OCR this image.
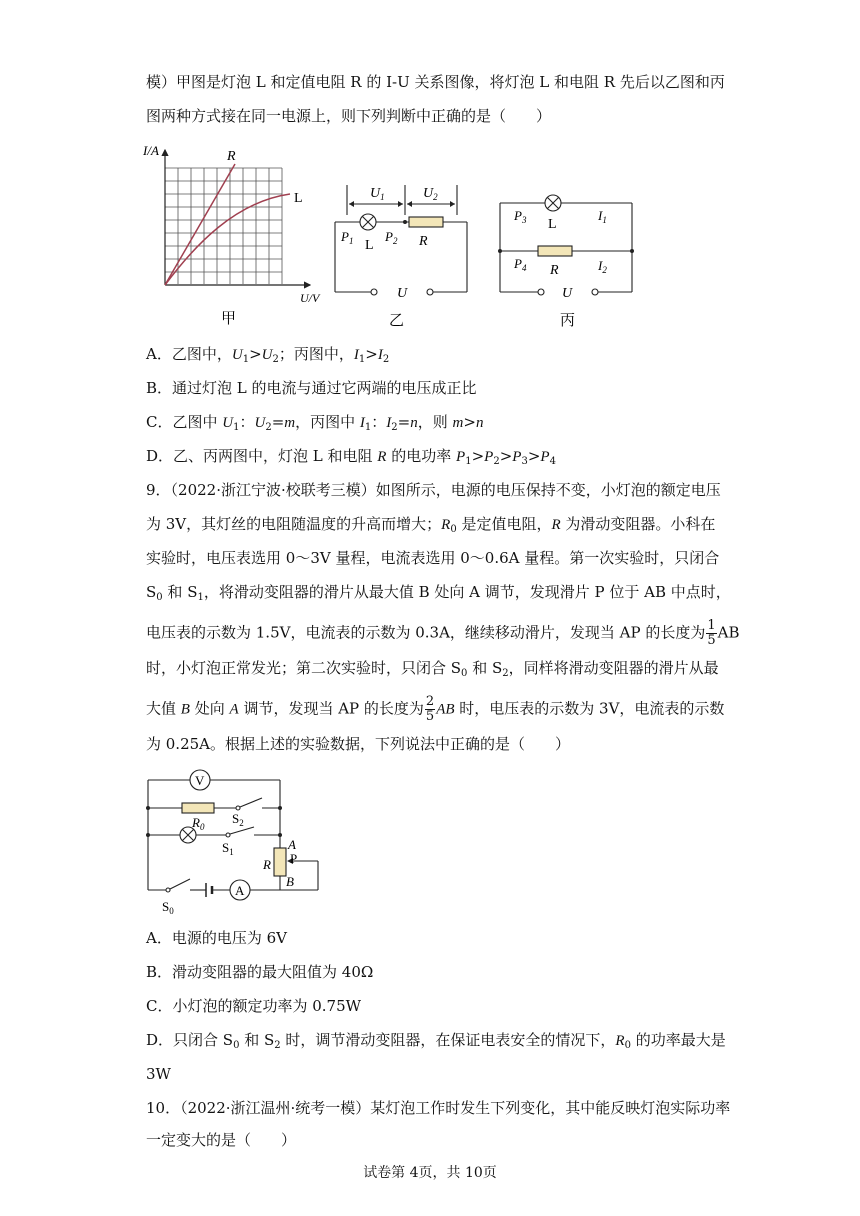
模）甲图是灯泡 L 和定值电阻 R 的 I-U 关系图像，将灯泡 L 和电阻 R 先后以乙图和丙
图两种方式接在同一电源上，则下列判断中正确的是（　　）
I/A
U/V
R
L
甲
$U_1$	$U_2$
$P_1$ $P_2$
L	R
U
乙
$P_3$	$I_1$
L
$P_4$ R	$I_2$
U
丙
A．乙图中，$U_1>U_2$；丙图中，$I_1>I_2$
B．通过灯泡 L 的电流与通过它两端的电压成正比
C．乙图中 $U_1$：$U_2=m$，丙图中 $I_1$：$I_2=n$，则 m>n
D．乙、丙两图中，灯泡 L 和电阻 R 的电功率 $P_1>P_2>P_3>P_4$
9．（2022·浙江宁波·校联考三模）如图所示，电源的电压保持不变，小灯泡的额定电压
为 3V，其灯丝的电阻随温度的升高而增大；$R_0$ 是定值电阻，R 为滑动变阻器。小科在
实验时，电压表选用 0～3V 量程，电流表选用 0～0.6A 量程。第一次实验时，只闭合
$S_0$ 和 $S_1$，将滑动变阻器的滑片从最大值 B 处向 A 调节，发现滑片 P 位于 AB 中点时，
电压表的示数为 1.5V，电流表的示数为 0.3A，继续移动滑片，发现当 AP 的长度为 $\frac{1}{5}$ AB
时，小灯泡正常发光；第二次实验时，只闭合 $S_0$ 和 $S_2$，同样将滑动变阻器的滑片从最
大值 B 处向 A 调节，发现当 AP 的长度为 $\frac{2}{5}$ AB 时，电压表的示数为 3V，电流表的示数
为 0.25A。根据上述的实验数据，下列说法中正确的是（　　）
V
$R_0$
$S_2$
$S_1$	A
P
R
B
$S_0$
A
A．电源的电压为 6V
B．滑动变阻器的最大阻值为 40Ω
C．小灯泡的额定功率为 0.75W
D．只闭合 $S_0$ 和 $S_2$ 时，调节滑动变阻器，在保证电表安全的情况下，$R_0$ 的功率最大是
3W
10．（2022·浙江温州·统考一模）某灯泡工作时发生下列变化，其中能反映灯泡实际功率
一定变大的是（　　）
试卷第 4页，共 10页
